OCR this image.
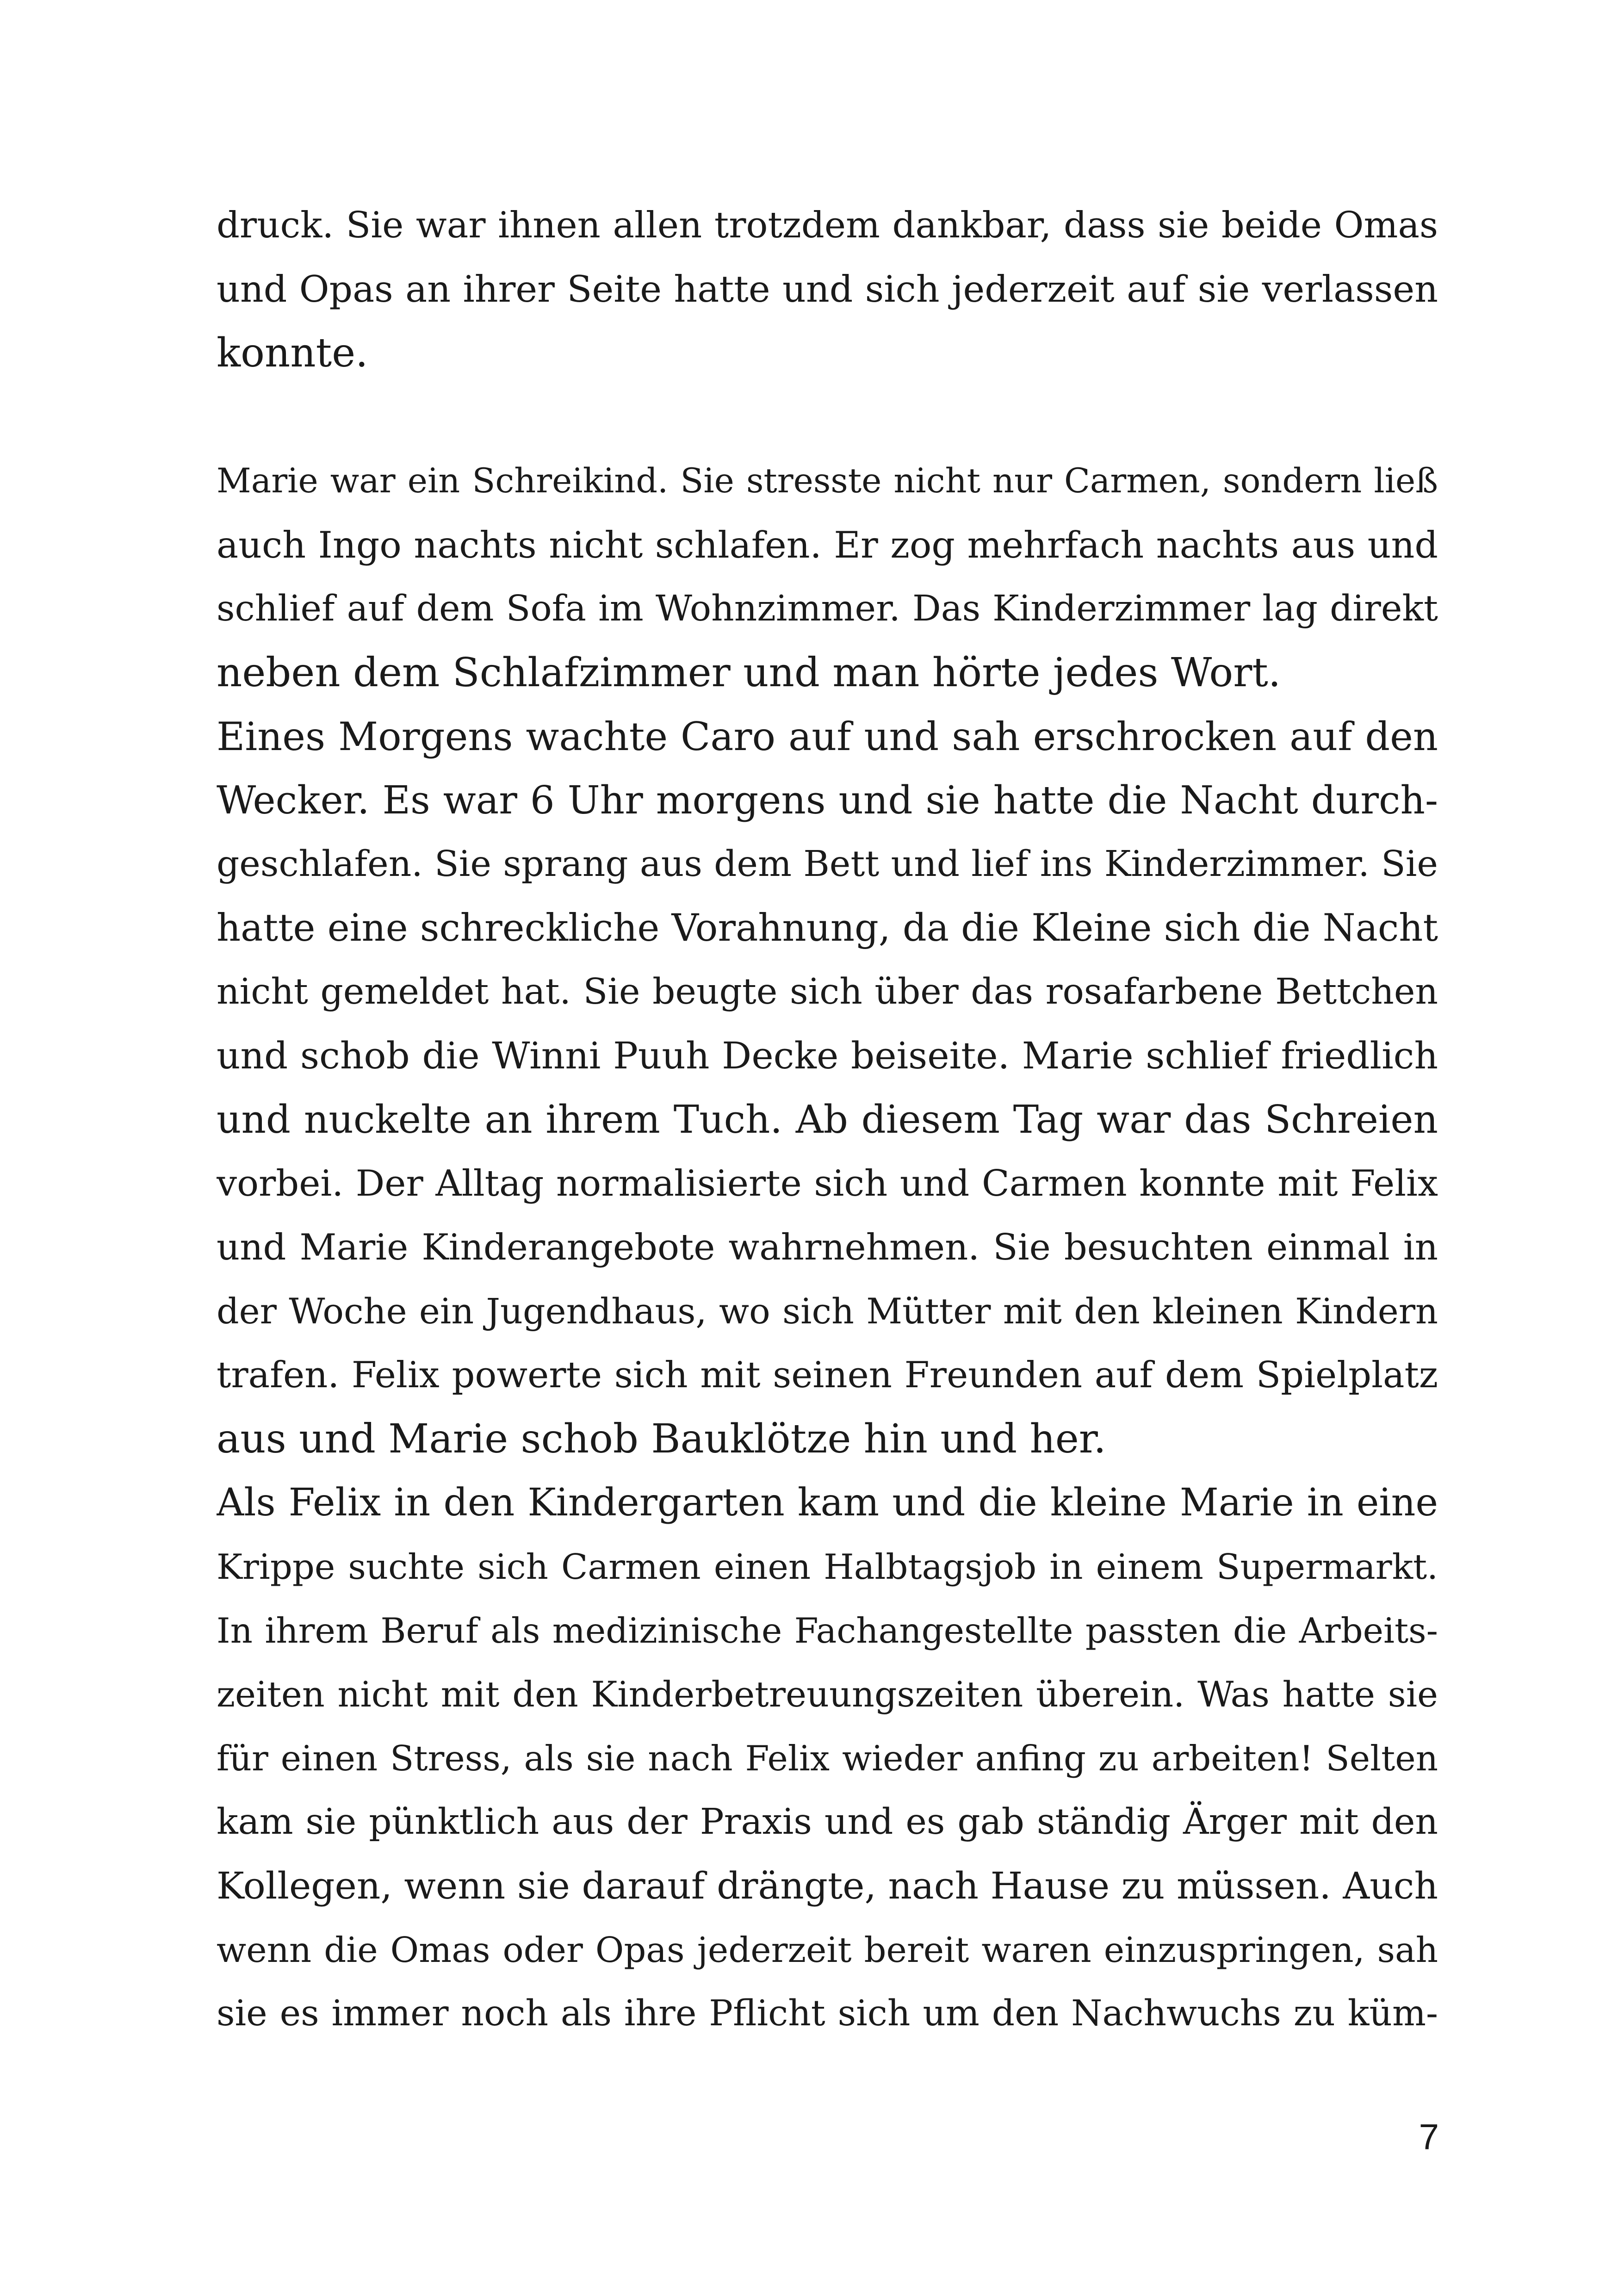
druck. Sie war ihnen allen trotzdem dankbar, dass sie beide Omas
und Opas an ihrer Seite hatte und sich jederzeit auf sie verlassen
konnte.
Marie war ein Schreikind. Sie stresste nicht nur Carmen, sondern ließ
auch Ingo nachts nicht schlafen. Er zog mehrfach nachts aus und
schlief auf dem Sofa im Wohnzimmer. Das Kinderzimmer lag direkt
neben dem Schlafzimmer und man hörte jedes Wort.
Eines Morgens wachte Caro auf und sah erschrocken auf den
Wecker. Es war 6 Uhr morgens und sie hatte die Nacht durch-
geschlafen. Sie sprang aus dem Bett und lief ins Kinderzimmer. Sie
hatte eine schreckliche Vorahnung, da die Kleine sich die Nacht
nicht gemeldet hat. Sie beugte sich über das rosafarbene Bettchen
und schob die Winni Puuh Decke beiseite. Marie schlief friedlich
und nuckelte an ihrem Tuch. Ab diesem Tag war das Schreien
vorbei. Der Alltag normalisierte sich und Carmen konnte mit Felix
und Marie Kinderangebote wahrnehmen. Sie besuchten einmal in
der Woche ein Jugendhaus, wo sich Mütter mit den kleinen Kindern
trafen. Felix powerte sich mit seinen Freunden auf dem Spielplatz
aus und Marie schob Bauklötze hin und her.
Als Felix in den Kindergarten kam und die kleine Marie in eine
Krippe suchte sich Carmen einen Halbtagsjob in einem Supermarkt.
In ihrem Beruf als medizinische Fachangestellte passten die Arbeits-
zeiten nicht mit den Kinderbetreuungszeiten überein. Was hatte sie
für einen Stress, als sie nach Felix wieder anfing zu arbeiten! Selten
kam sie pünktlich aus der Praxis und es gab ständig Ärger mit den
Kollegen, wenn sie darauf drängte, nach Hause zu müssen. Auch
wenn die Omas oder Opas jederzeit bereit waren einzuspringen, sah
sie es immer noch als ihre Pflicht sich um den Nachwuchs zu küm-
7
